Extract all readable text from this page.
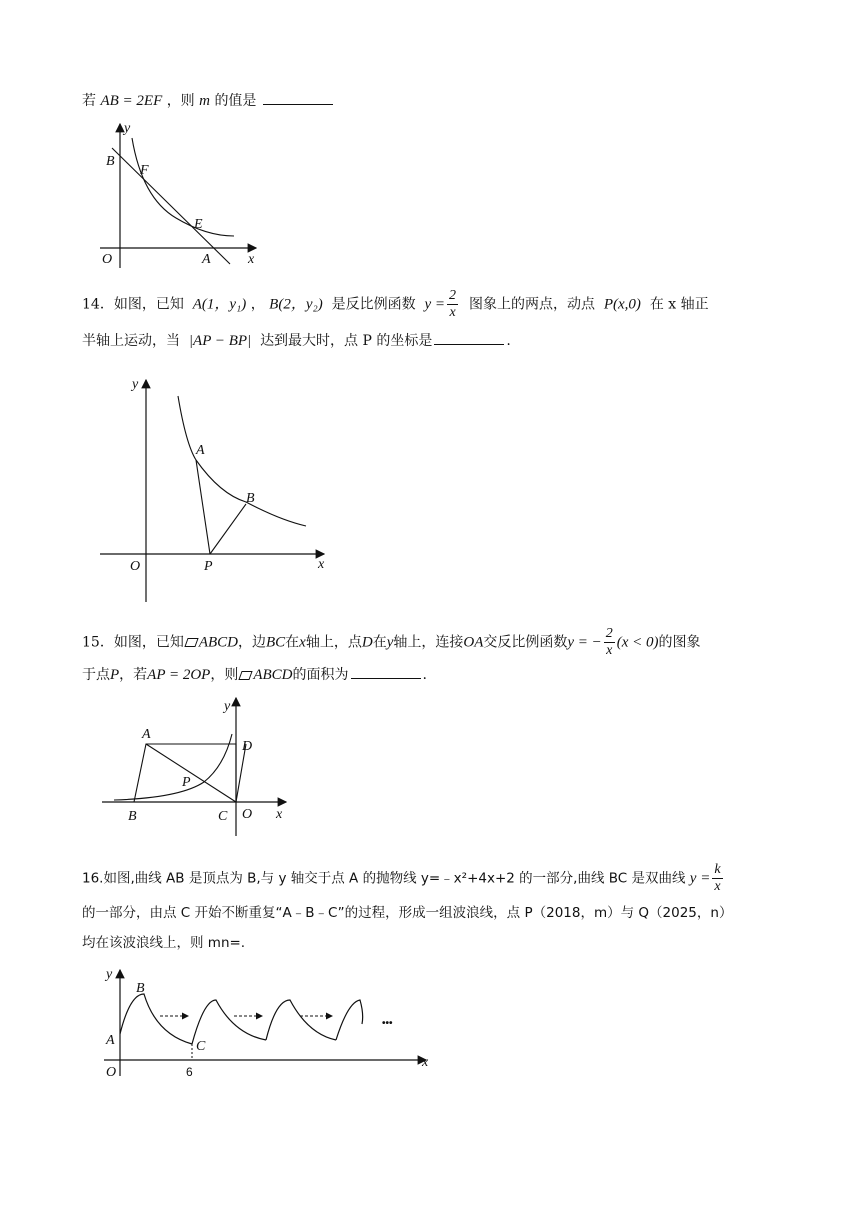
若 AB = 2EF ，则 m 的值是
y
x
O
B
F
E
A
14．如图，已知 A(1，y₁) ， B(2，y₂) 是反比例函数 $y = \frac{2}{x}$ 图象上的两点，动点 P(x,0) 在 x 轴正
半轴上运动，当 |AP − BP| 达到最大时，点 P 的坐标是	.
y
x
O
A
B
P
15．如图，已知 ABCD，边BC在x轴上，点D在y轴上，连接OA交反比例函数y = − $\frac{2}{x} (x < 0)$的图象
于点P，若AP = 2OP，则 ABCD的面积为	.
y
x
O
A
D
P
B	C
16.如图,曲线 AB 是顶点为 B,与 y 轴交于点 A 的抛物线 y=﹣x²+4x+2 的一部分,曲线 BC 是双曲线 $y = \frac{k}{x}$
的一部分，由点 C 开始不断重复“A﹣B﹣C”的过程，形成一组波浪线，点 P（2018，m）与 Q（2025，n）
均在该波浪线上，则 mn=.
y
x
O
A
B
C
6
•••
